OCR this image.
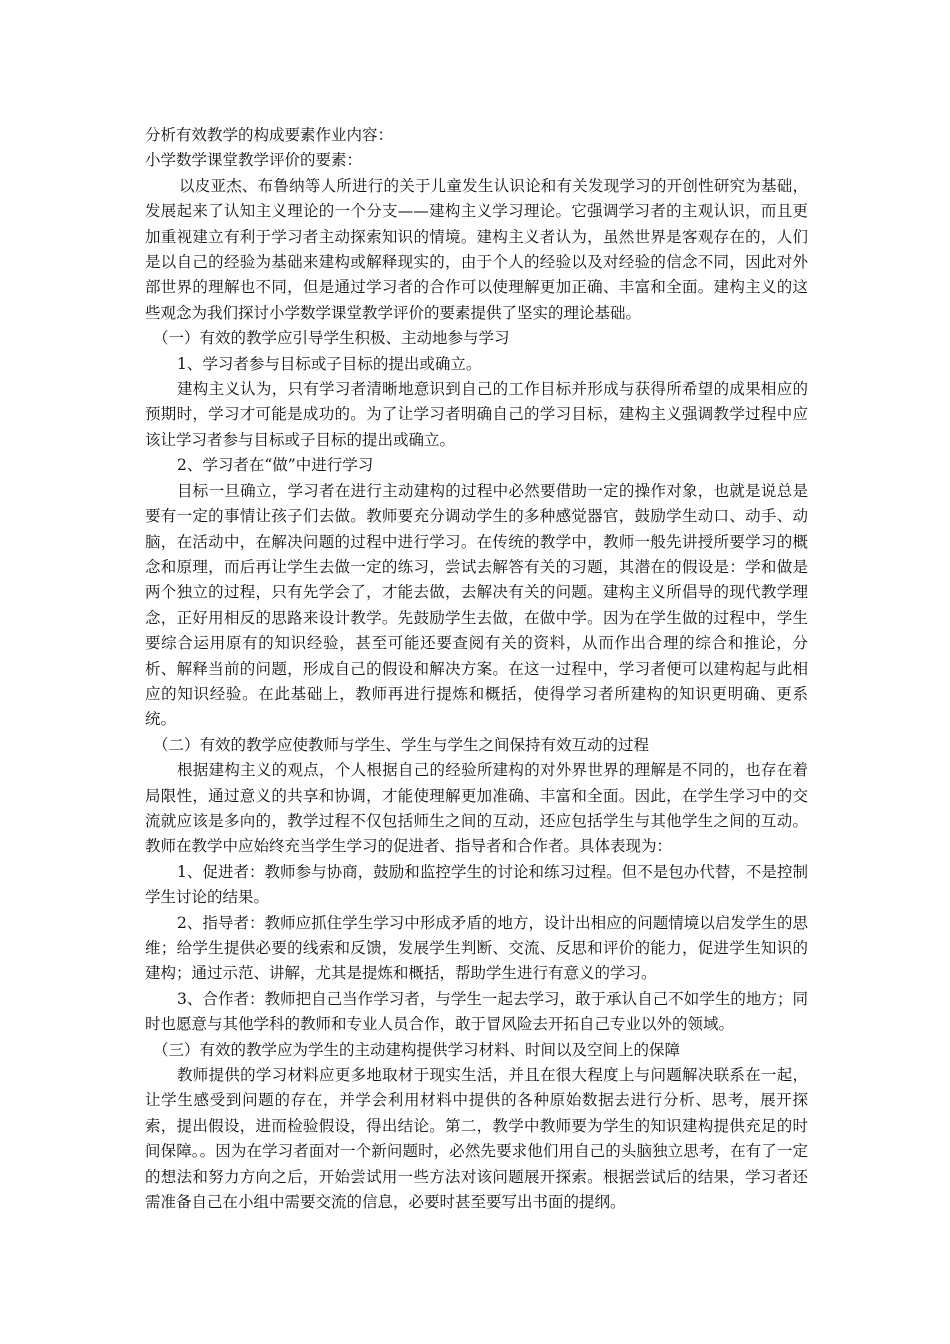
分析有效教学的构成要素作业内容：

小学数学课堂教学评价的要素：

以皮亚杰、布鲁纳等人所进行的关于儿童发生认识论和有关发现学习的开创性研究为基础，发展起来了认知主义理论的一个分支——建构主义学习理论。它强调学习者的主观认识，而且更加重视建立有利于学习者主动探索知识的情境。建构主义者认为，虽然世界是客观存在的，人们是以自己的经验为基础来建构或解释现实的，由于个人的经验以及对经验的信念不同，因此对外部世界的理解也不同，但是通过学习者的合作可以使理解更加正确、丰富和全面。建构主义的这些观念为我们探讨小学数学课堂教学评价的要素提供了坚实的理论基础。

（一）有效的教学应引导学生积极、主动地参与学习

1、学习者参与目标或子目标的提出或确立。

建构主义认为，只有学习者清晰地意识到自己的工作目标并形成与获得所希望的成果相应的预期时，学习才可能是成功的。为了让学习者明确自己的学习目标，建构主义强调教学过程中应该让学习者参与目标或子目标的提出或确立。

2、学习者在“做”中进行学习

目标一旦确立，学习者在进行主动建构的过程中必然要借助一定的操作对象，也就是说总是要有一定的事情让孩子们去做。教师要充分调动学生的多种感觉器官，鼓励学生动口、动手、动脑，在活动中，在解决问题的过程中进行学习。在传统的教学中，教师一般先讲授所要学习的概念和原理，而后再让学生去做一定的练习，尝试去解答有关的习题，其潜在的假设是：学和做是两个独立的过程，只有先学会了，才能去做，去解决有关的问题。建构主义所倡导的现代教学理念，正好用相反的思路来设计教学。先鼓励学生去做，在做中学。因为在学生做的过程中，学生要综合运用原有的知识经验，甚至可能还要查阅有关的资料，从而作出合理的综合和推论，分析、解释当前的问题，形成自己的假设和解决方案。在这一过程中，学习者便可以建构起与此相应的知识经验。在此基础上，教师再进行提炼和概括，使得学习者所建构的知识更明确、更系统。

（二）有效的教学应使教师与学生、学生与学生之间保持有效互动的过程

根据建构主义的观点，个人根据自己的经验所建构的对外界世界的理解是不同的，也存在着局限性，通过意义的共享和协调，才能使理解更加准确、丰富和全面。因此，在学生学习中的交流就应该是多向的，教学过程不仅包括师生之间的互动，还应包括学生与其他学生之间的互动。教师在教学中应始终充当学生学习的促进者、指导者和合作者。具体表现为：

1、促进者：教师参与协商，鼓励和监控学生的讨论和练习过程。但不是包办代替，不是控制学生讨论的结果。

2、指导者：教师应抓住学生学习中形成矛盾的地方，设计出相应的问题情境以启发学生的思维；给学生提供必要的线索和反馈，发展学生判断、交流、反思和评价的能力，促进学生知识的建构；通过示范、讲解，尤其是提炼和概括，帮助学生进行有意义的学习。

3、合作者：教师把自己当作学习者，与学生一起去学习，敢于承认自己不如学生的地方；同时也愿意与其他学科的教师和专业人员合作，敢于冒风险去开拓自己专业以外的领域。

（三）有效的教学应为学生的主动建构提供学习材料、时间以及空间上的保障

教师提供的学习材料应更多地取材于现实生活，并且在很大程度上与问题解决联系在一起，让学生感受到问题的存在，并学会利用材料中提供的各种原始数据去进行分析、思考，展开探索，提出假设，进而检验假设，得出结论。第二，教学中教师要为学生的知识建构提供充足的时间保障。。因为在学习者面对一个新问题时，必然先要求他们用自己的头脑独立思考，在有了一定的想法和努力方向之后，开始尝试用一些方法对该问题展开探索。根据尝试后的结果，学习者还需准备自己在小组中需要交流的信息，必要时甚至要写出书面的提纲。
